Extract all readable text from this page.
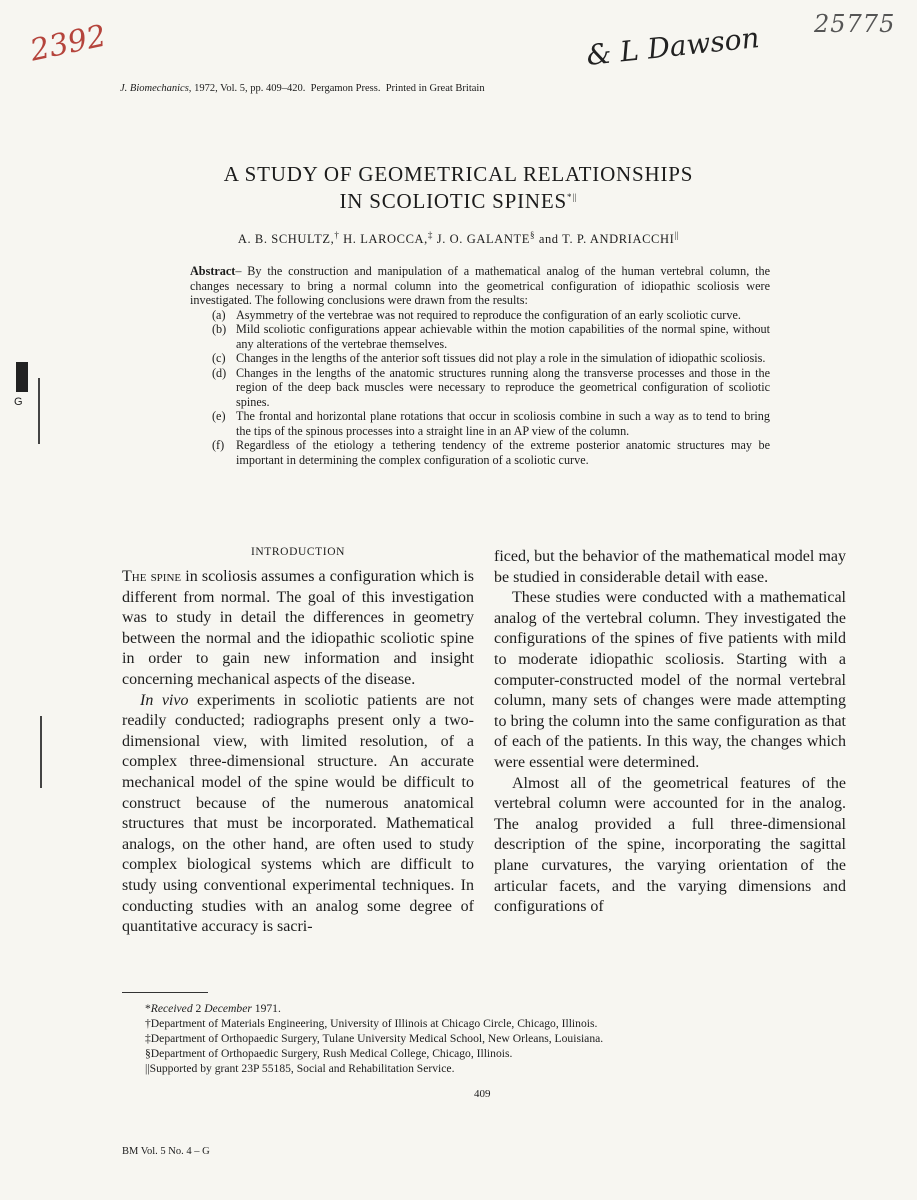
2392	25775
& L Dawson
G
J. Biomechanics, 1972, Vol. 5, pp. 409–420. Pergamon Press. Printed in Great Britain
A STUDY OF GEOMETRICAL RELATIONSHIPS
IN SCOLIOTIC SPINES*||
A. B. SCHULTZ,† H. LAROCCA,‡ J. O. GALANTE§ and T. P. ANDRIACCHI||

Abstract– By the construction and manipulation of a mathematical analog of the human vertebral column, the changes necessary to bring a normal column into the geometrical configuration of idiopathic scoliosis were investigated. The following conclusions were drawn from the results:

(a) Asymmetry of the vertebrae was not required to reproduce the configuration of an early scoliotic curve.
(b) Mild scoliotic configurations appear achievable within the motion capabilities of the normal spine, without any alterations of the vertebrae themselves.
(c) Changes in the lengths of the anterior soft tissues did not play a role in the simulation of idiopathic scoliosis.
(d) Changes in the lengths of the anatomic structures running along the transverse processes and those in the region of the deep back muscles were necessary to reproduce the geometrical configuration of scoliotic spines.
(e) The frontal and horizontal plane rotations that occur in scoliosis combine in such a way as to tend to bring the tips of the spinous processes into a straight line in an AP view of the column.
(f) Regardless of the etiology a tethering tendency of the extreme posterior anatomic structures may be important in determining the complex configuration of a scoliotic curve.
INTRODUCTION

The spine in scoliosis assumes a configuration which is different from normal. The goal of this investigation was to study in detail the differences in geometry between the normal and the idiopathic scoliotic spine in order to gain new information and insight concerning mechanical aspects of the disease.

In vivo experiments in scoliotic patients are not readily conducted; radiographs present only a two-dimensional view, with limited resolution, of a complex three-dimensional structure. An accurate mechanical model of the spine would be difficult to construct because of the numerous anatomical structures that must be incorporated. Mathematical analogs, on the other hand, are often used to study complex biological systems which are difficult to study using conventional experimental techniques. In conducting studies with an analog some degree of quantitative accuracy is sacri-

ficed, but the behavior of the mathematical model may be studied in considerable detail with ease.

These studies were conducted with a mathematical analog of the vertebral column. They investigated the configurations of the spines of five patients with mild to moderate idiopathic scoliosis. Starting with a computer-constructed model of the normal vertebral column, many sets of changes were made attempting to bring the column into the same configuration as that of each of the patients. In this way, the changes which were essential were determined.

Almost all of the geometrical features of the vertebral column were accounted for in the analog. The analog provided a full three-dimensional description of the spine, incorporating the sagittal plane curvatures, the varying orientation of the articular facets, and the varying dimensions and configurations of

*Received 2 December 1971.
†Department of Materials Engineering, University of Illinois at Chicago Circle, Chicago, Illinois.
‡Department of Orthopaedic Surgery, Tulane University Medical School, New Orleans, Louisiana.
§Department of Orthopaedic Surgery, Rush Medical College, Chicago, Illinois.
||Supported by grant 23P 55185, Social and Rehabilitation Service.
409
BM Vol. 5 No. 4 – G
